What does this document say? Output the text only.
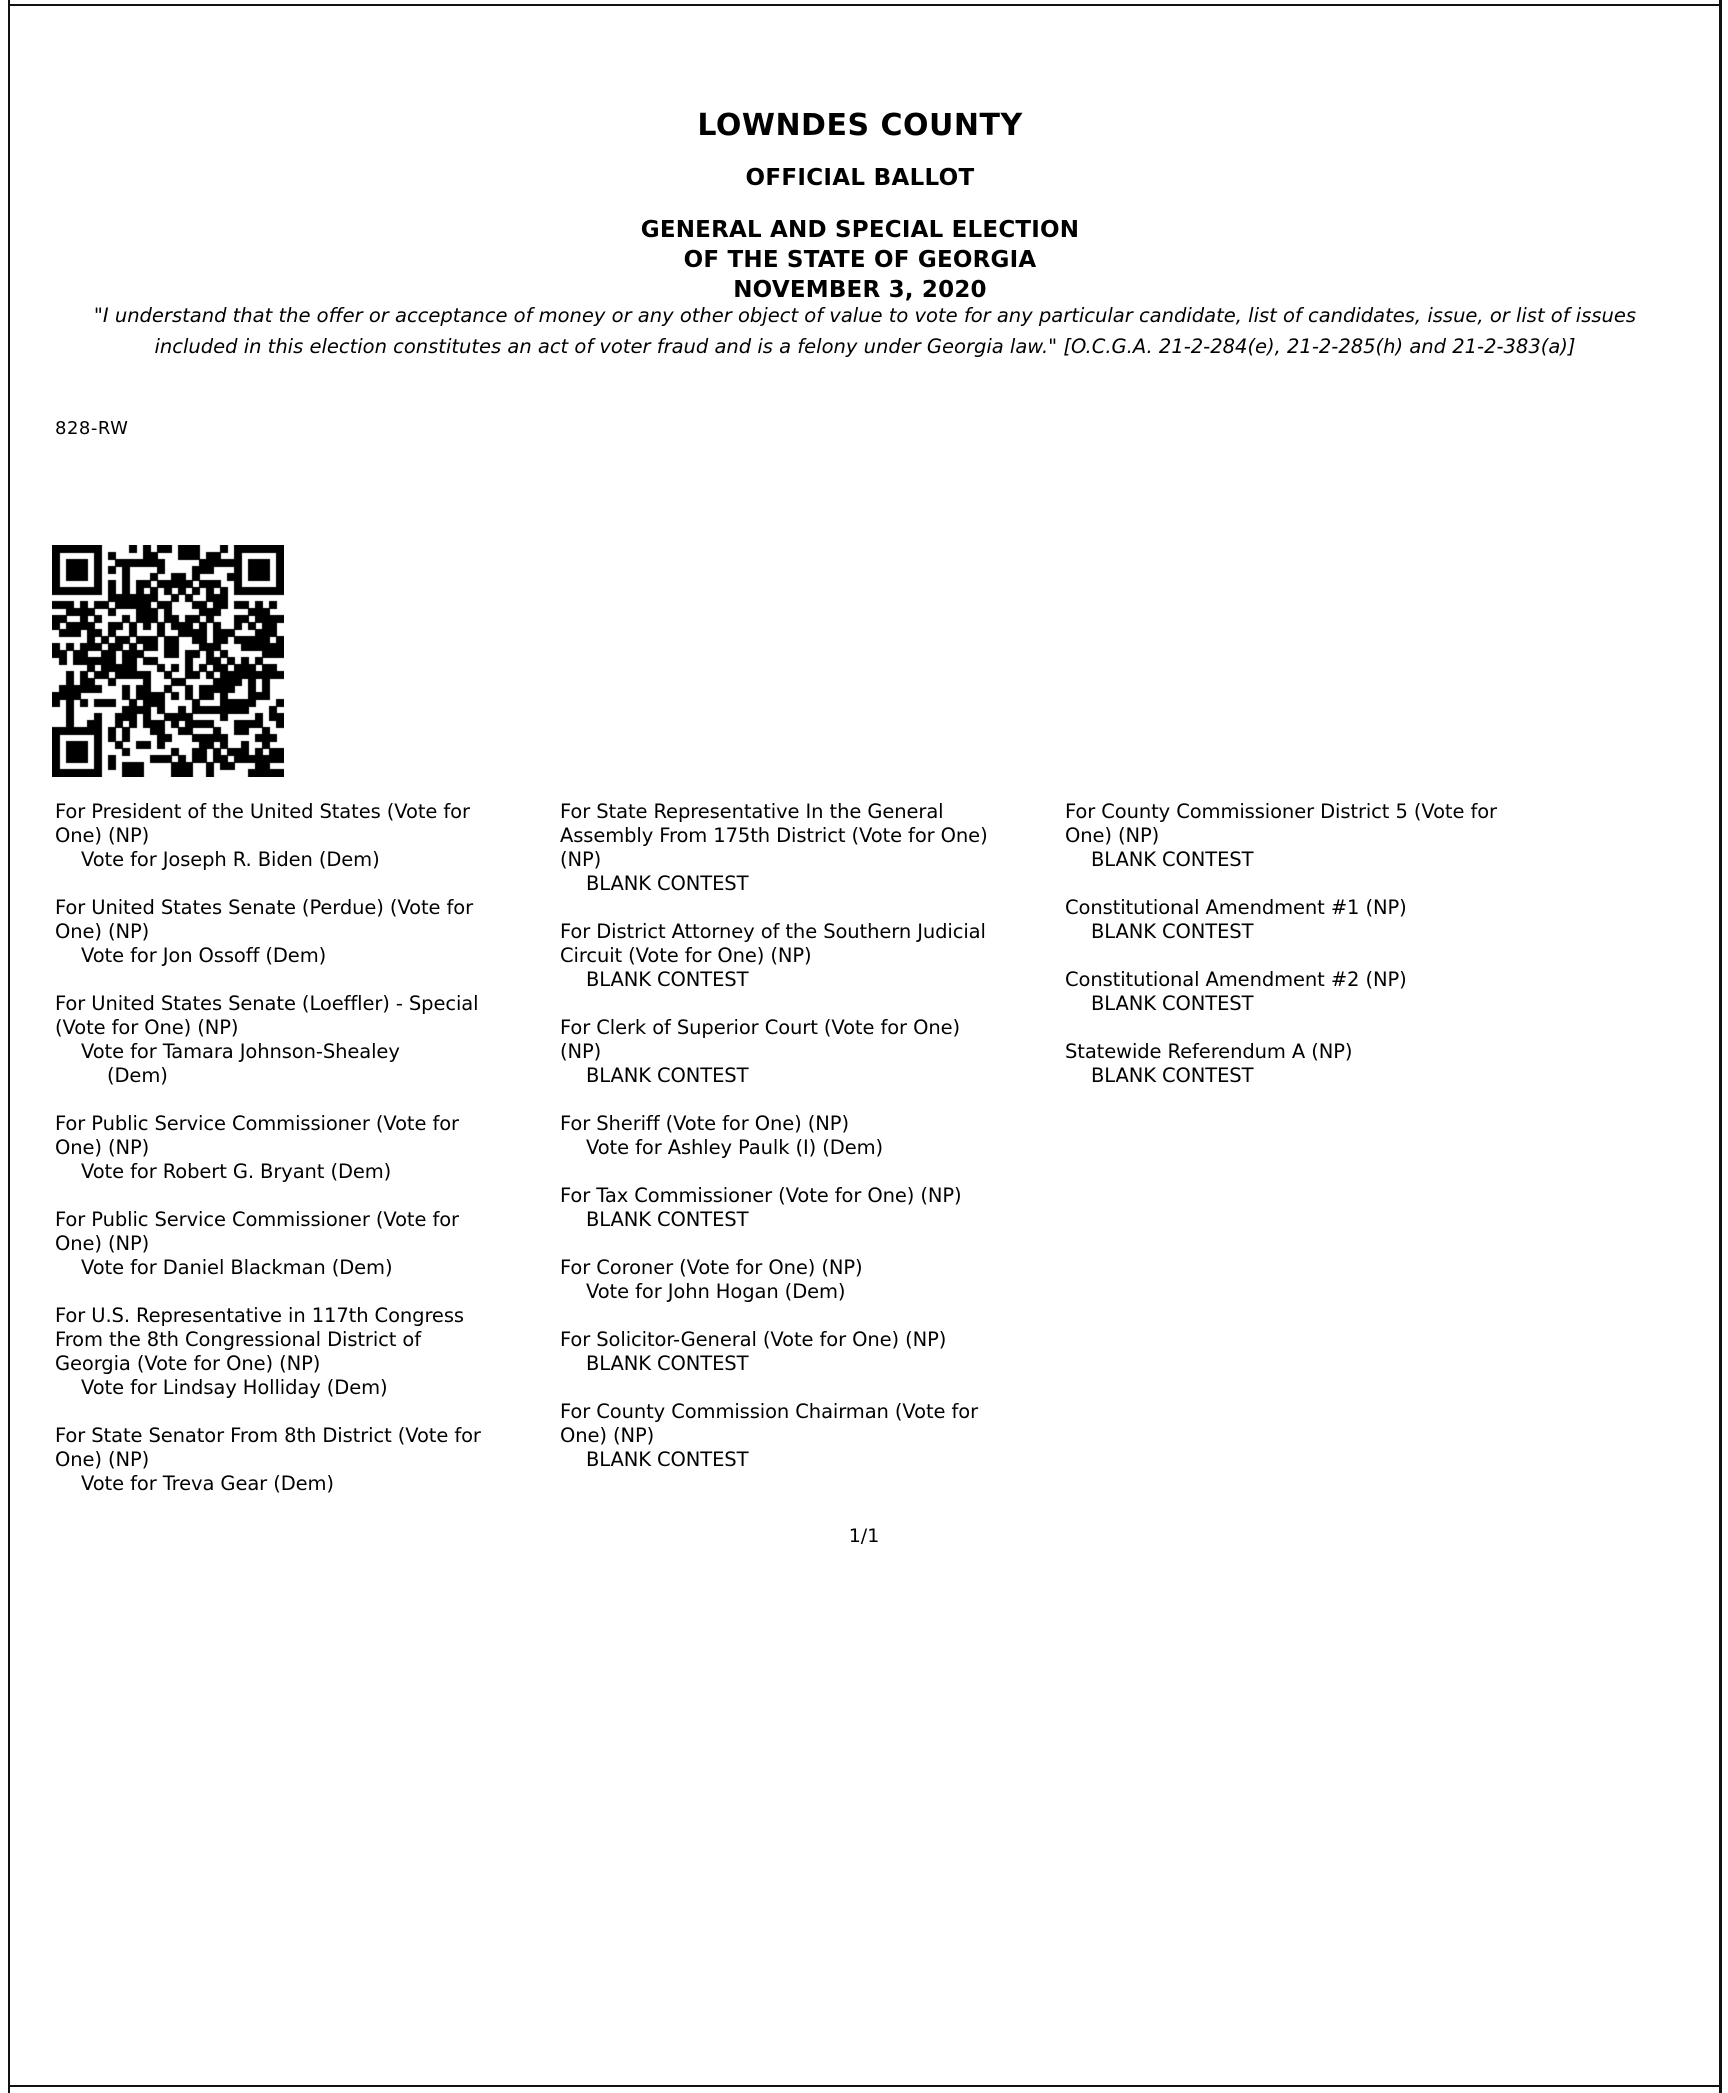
LOWNDES COUNTY
OFFICIAL BALLOT
GENERAL AND SPECIAL ELECTION
OF THE STATE OF GEORGIA
NOVEMBER 3, 2020
"I understand that the offer or acceptance of money or any other object of value to vote for any particular candidate, list of candidates, issue, or list of issues included in this election constitutes an act of voter fraud and is a felony under Georgia law." [O.C.G.A. 21-2-284(e), 21-2-285(h) and 21-2-383(a)]
828-RW
For President of the United States (Vote for One) (NP)
Vote for Joseph R. Biden (Dem)
For United States Senate (Perdue) (Vote for One) (NP)
Vote for Jon Ossoff (Dem)
For United States Senate (Loeffler) - Special (Vote for One) (NP)
Vote for Tamara Johnson-Shealey
(Dem)
For Public Service Commissioner (Vote for One) (NP)
Vote for Robert G. Bryant (Dem)
For Public Service Commissioner (Vote for One) (NP)
Vote for Daniel Blackman (Dem)
For U.S. Representative in 117th Congress From the 8th Congressional District of Georgia (Vote for One) (NP)
Vote for Lindsay Holliday (Dem)
For State Senator From 8th District (Vote for One) (NP)
Vote for Treva Gear (Dem)
For State Representative In the General Assembly From 175th District (Vote for One) (NP)
BLANK CONTEST
For District Attorney of the Southern Judicial Circuit (Vote for One) (NP)
BLANK CONTEST
For Clerk of Superior Court (Vote for One) (NP)
BLANK CONTEST
For Sheriff (Vote for One) (NP)
Vote for Ashley Paulk (I) (Dem)
For Tax Commissioner (Vote for One) (NP)
BLANK CONTEST
For Coroner (Vote for One) (NP)
Vote for John Hogan (Dem)
For Solicitor-General (Vote for One) (NP)
BLANK CONTEST
For County Commission Chairman (Vote for One) (NP)
BLANK CONTEST
For County Commissioner District 5 (Vote for One) (NP)
BLANK CONTEST
Constitutional Amendment #1 (NP)
BLANK CONTEST
Constitutional Amendment #2 (NP)
BLANK CONTEST
Statewide Referendum A (NP)
BLANK CONTEST
1/1
